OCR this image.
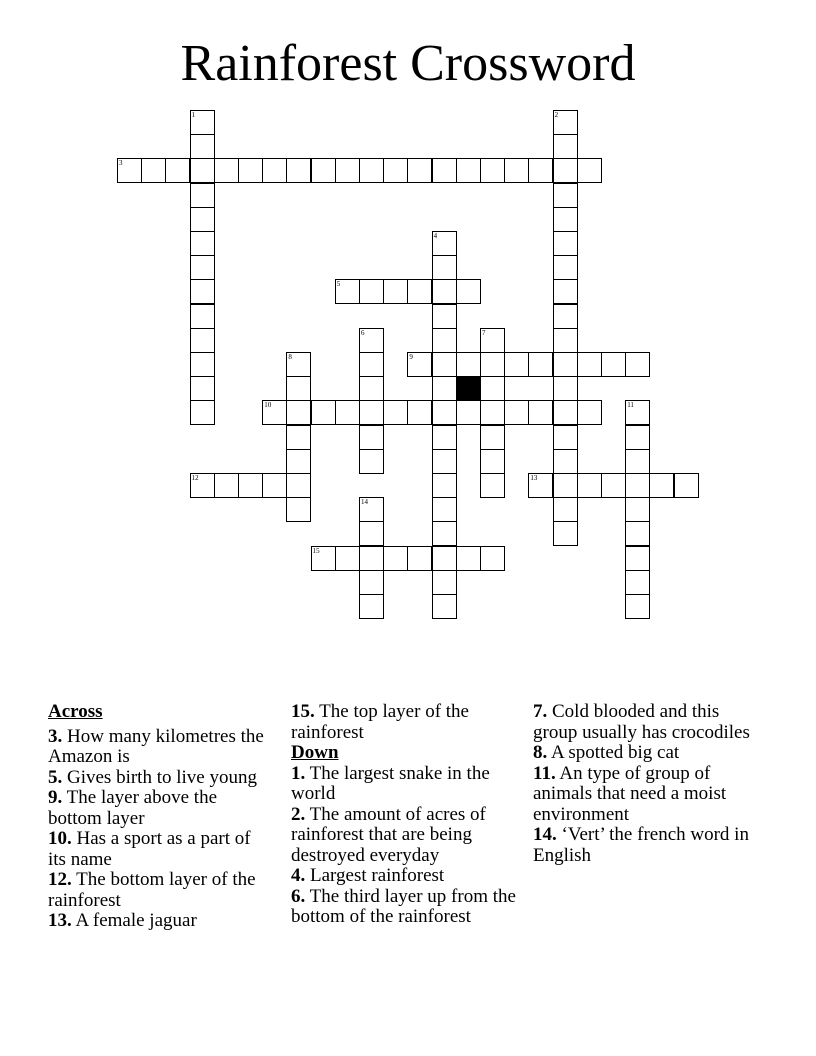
Rainforest Crossword
1	2
3
4
5
6	7
8	9
10	11
12	13
14
15
Across
3. How many kilometres the Amazon is
5. Gives birth to live young
9. The layer above the bottom layer
10. Has a sport as a part of its name
12. The bottom layer of the rainforest
13. A female jaguar
15. The top layer of the rainforest
Down
1. The largest snake in the world
2. The amount of acres of rainforest that are being destroyed everyday
4. Largest rainforest
6. The third layer up from the bottom of the rainforest
7. Cold blooded and this group usually has crocodiles
8. A spotted big cat
11. An type of group of animals that need a moist environment
14. ‘Vert’ the french word in English
